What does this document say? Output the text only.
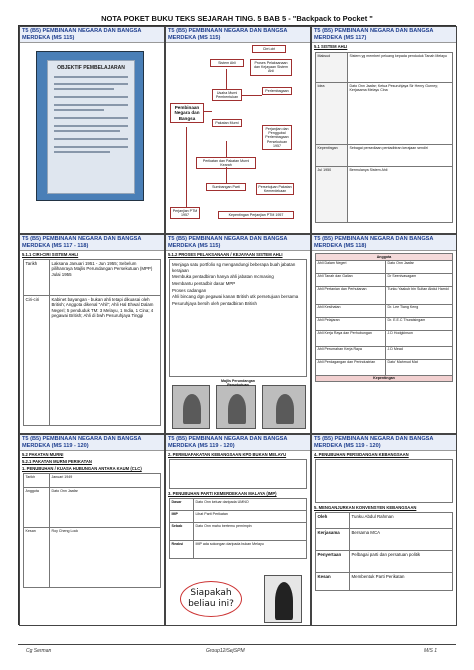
NOTA POKET BUKU TEKS SEJARAH TING. 5 BAB 5 - "Backpack to Pocket "
T5 (B5) PEMBINAAN NEGARA DAN BANGSA MERDEKA (MS 115)
OBJEKTIF PEMBELAJARAN
T5 (B5) PEMBINAAN NEGARA DAN BANGSA MERDEKA (MS 115)
Cirri-ciri
Sistem Ahli	Proses Pelaksanaan dan Kejayaan Sistem Ahli
Pembinaan Negara dan Bangsa
Usaha Murni Pembentukan
Perlembagaan
Pakatan Murni
Perjanjian dan Penggubal Perlembagaan Persekutuan 1957
Perikatan dan Pakatan Murni Kearah
Sumbangan Parti	Persetujuan Pakatan Kemerdekaan
Perjanjian PTM 1957	Kepentingan Perjanjian PTM 1957
T5 (B5) PEMBINAAN NEGARA DAN BANGSA MERDEKA (MS 117)
5.1 SISTEM AHLI
Maksud	Sistem yg memberi peluang kepada penduduk Tanah Melayu
Idea	Dato Onn Jaafar; Ketua Pesuruhjaya Sir Henry Gurney; Kerjasama Melayu Cina
Kepentingan	Sebagai persediaan pentadbiran kerajaan sendiri
Jul 1950	Bermulanya Sistem Ahli
T5 (B5) PEMBINAAN NEGARA DAN BANGSA MERDEKA (MS 117 - 118)
5.1.1 CIRI-CIRI SISTEM AHLI
Tarikh	Laksana Januari 1951 - Jun 1955; Sebelum pilihanraya Majlis Perundangan Persekutuan (MPP) Julai 1955
Ciri-ciri	Kabinet bayangan - bukan ahli tetapi dikuasai oleh British; Anggota dikenal "Ahli"; Ahli Hal Ehwal Dalam Negeri; 5 penduduk TM: 3 Melayu, 1 India, 1 Cina; 4 pegawai British; Ahli di bwh Pesuruhjaya Tinggi
T5 (B5) PEMBINAAN NEGARA DAN BANGSA MERDEKA (MS 115)
5.1.2 PROSES PELAKSANAAN / KEJAYAAN SISTEM AHLI
Menjaga satu portfolio sg mengandungi beberapa buah jabatan kerajaan
Membuka pentadbiran hanya ahli jabatan mcmasing
Membantu pentadbir dasar MPP
Proses cadangan
Ahli bincang dgn pegawai kanan British utk persetujuan bersama
Pesuruhjaya bersih oleh pentadbiran British
Majlis Perundangan Persekutuan
T5 (B5) PEMBINAAN NEGARA DAN BANGSA MERDEKA (MS 118)
Anggota	
Ahli Dalam Negeri	Dato Onn Jaafar
Ahli Tanah dan Galian	Dr Seenivasagam
Ahli Pertanian dan Perhutanan	Tunku Yaakub bin Sultan Abdul Hamid
Ahli Kesihatan	Dr. Lee Tiang Keng
Ahli Pelajaran	Dr. E.E.C Thuraisingam
Ahli Kerja Raya dan Perhubungan	J.D Hodgkinson
Ahli Perumahan Kerja Raya	J.D Mead
Ahli Perdagangan dan Perindustrian	Dato' Mahmud Mat
Kepentingan	
T5 (B5) PEMBINAAN NEGARA DAN BANGSA MERDEKA (MS 119 - 120)
5.2 PAKATAN MURNI
5.2.1 PAKATAN MURNI PERIKATAN
1. PENUBUHAN / KUASA HUBUNGAN ANTARA KAUM (CLC)
Tarikh	Januari 1949
Anggota	Dato Onn Jaafar
Kesan	Roy Cheng Lock
T5 (B5) PEMBINAAN NEGARA DAN BANGSA MERDEKA (MS 119 - 120)
2. PERMUAFAKATAN KEBANGSAAN KPD BUKAN MELAYU
3. PENUBUHAN PARTI KEMERDEKAAN MALAYA (IMP)
Dasar	Dato Onn keluar daripada UMNO
IMP	Lihat Parti Perikatan
Sebab	Dato Onn mahu bertemu pemimpin
Reaksi	IMP ada sokongan daripada bukan Melayu
Siapakah beliau ini?
T5 (B5) PEMBINAAN NEGARA DAN BANGSA MERDEKA (MS 119 - 120)
4. PENUBUHAN PERSIDANGAN KEBANGSAAN
5. MENGANJURKAN KONVENSYEN KEBANGSAAN
Oleh	Tunku Abdul Rahman
Kerjasama	Bersama MCA
Penyertaan	Pelbagai parti dan persatuan politik
Kesan	Membentuk Parti Perikatan
Cg Serman	Group12iSejSPM	M/S 1
